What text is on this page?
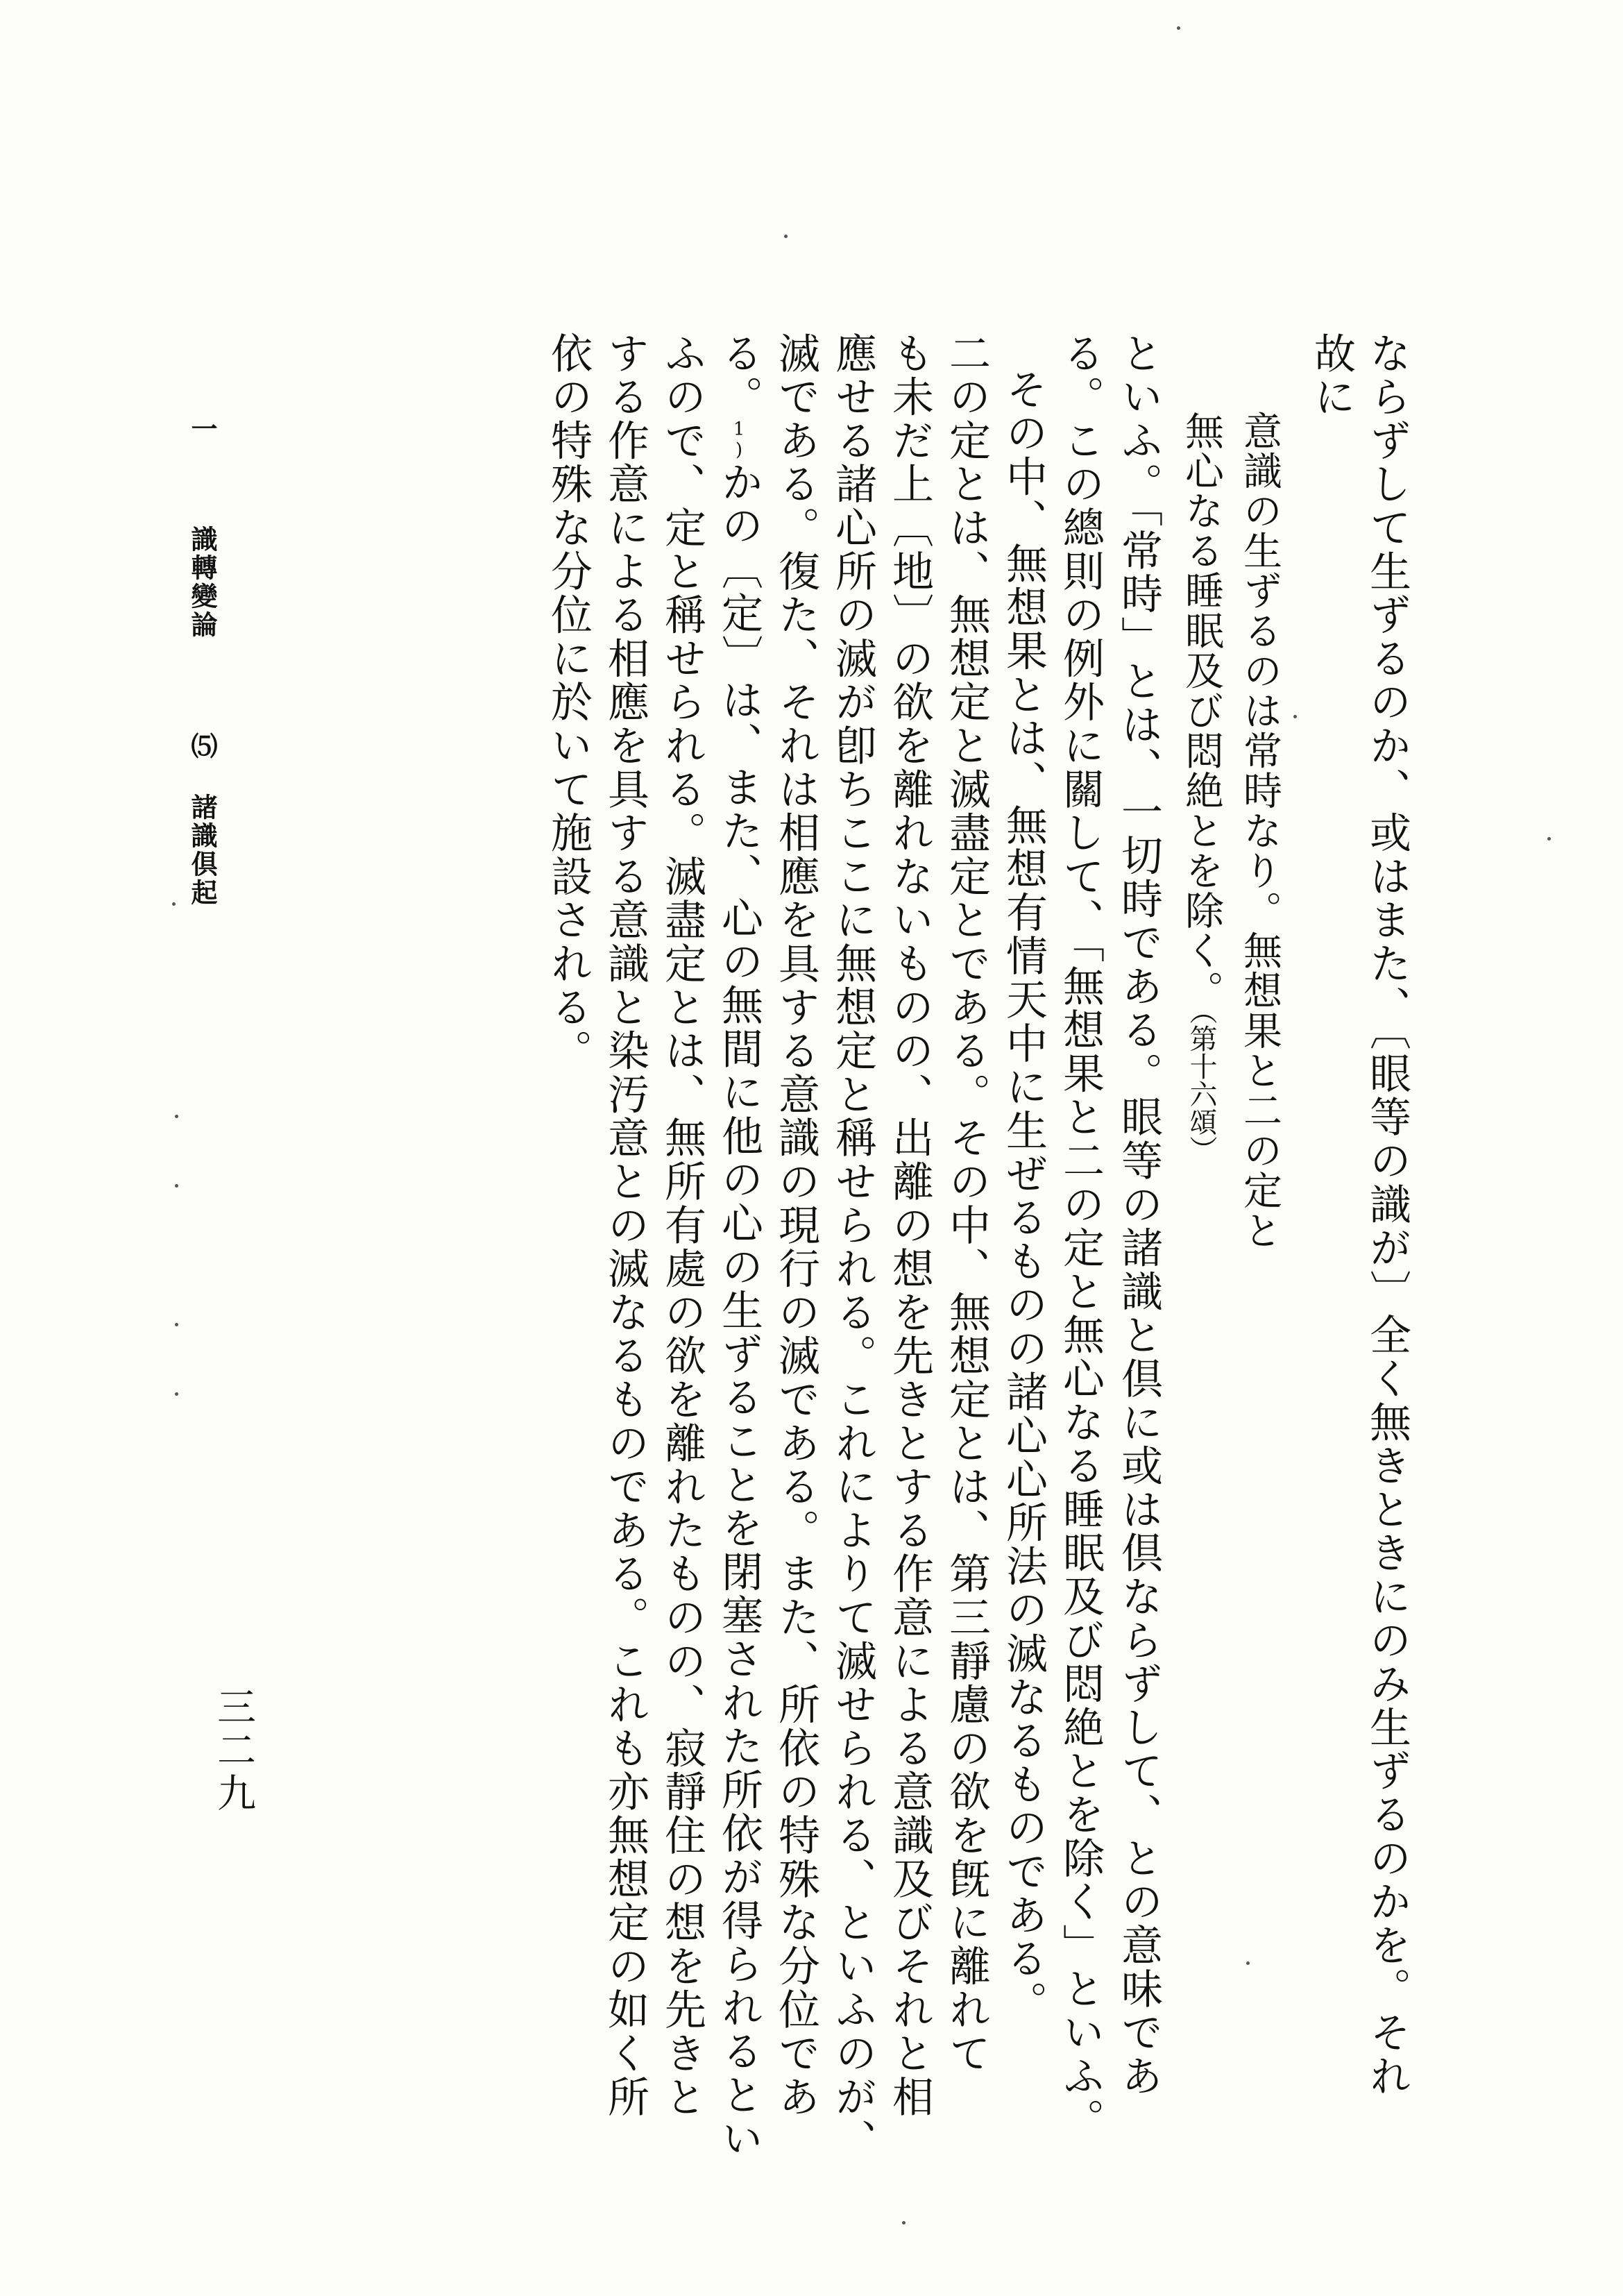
ならずして生ずるのか、或はまた、〔眼等の識が〕全く無きときにのみ生ずるのかを。それ
故に
意識の生ずるのは常時なり。無想果と二の定と
無心なる睡眠及び悶絶とを除く。（第十六頌）
といふ。「常時」とは、一切時である。眼等の諸識と倶に或は倶ならずして、との意味であ
る。この總則の例外に關して、「無想果と二の定と無心なる睡眠及び悶絶とを除く」といふ。
その中、無想果とは、無想有情天中に生ぜるものの諸心心所法の滅なるものである。
二の定とは、無想定と滅盡定とである。その中、無想定とは、第三靜慮の欲を旣に離れて
も未だ上〔地〕の欲を離れないものの、出離の想を先きとする作意による意識及びそれと相
應せる諸心所の滅が卽ちここに無想定と稱せられる。これによりて滅せられる、といふのが、
滅である。復た、それは相應を具する意識の現行の滅である。また、所依の特殊な分位であ
る。1)かの〔定〕は、また、心の無間に他の心の生ずることを閉塞された所依が得られるとい
ふので、定と稱せられる。滅盡定とは、無所有處の欲を離れたものの、寂靜住の想を先きと
する作意による相應を具する意識と染汚意との滅なるものである。これも亦無想定の如く所
依の特殊な分位に於いて施設される。
一  識轉變論  ⑸ 諸識倶起
三二九
